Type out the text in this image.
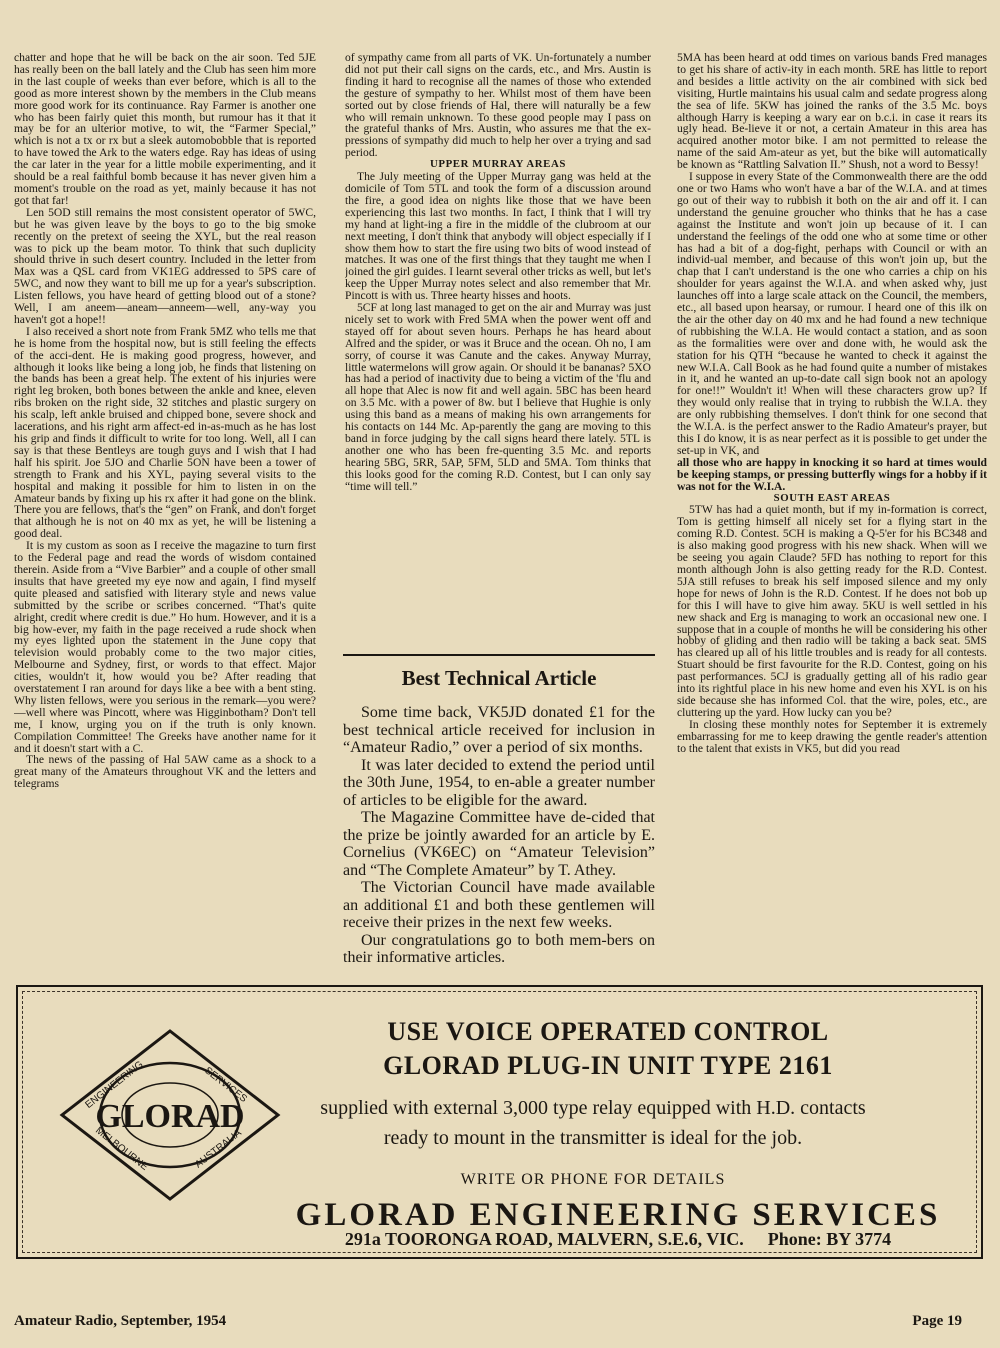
chatter and hope that he will be back on the air soon. Ted 5JE has really been on the ball lately and the Club has seen him more in the last couple of weeks than ever before, which is all to the good as more interest shown by the members in the Club means more good work for its continuance. Ray Farmer is another one who has been fairly quiet this month, but rumour has it that it may be for an ulterior motive, to wit, the “Farmer Special,” which is not a tx or rx but a sleek automobobble that is reported to have towed the Ark to the waters edge. Ray has ideas of using the car later in the year for a little mobile experimenting, and it should be a real faithful bomb because it has never given him a moment's trouble on the road as yet, mainly because it has not got that far!

Len 5OD still remains the most consistent operator of 5WC, but he was given leave by the boys to go to the big smoke recently on the pretext of seeing the XYL, but the real reason was to pick up the beam motor. To think that such duplicity should thrive in such desert country. Included in the letter from Max was a QSL card from VK1EG addressed to 5PS care of 5WC, and now they want to bill me up for a year's subscription. Listen fellows, you have heard of getting blood out of a stone? Well, I am aneem—aneam—anneem—well, any-way you haven't got a hope!!

I also received a short note from Frank 5MZ who tells me that he is home from the hospital now, but is still feeling the effects of the acci-dent. He is making good progress, however, and although it looks like being a long job, he finds that listening on the bands has been a great help. The extent of his injuries were right leg broken, both bones between the ankle and knee, eleven ribs broken on the right side, 32 stitches and plastic surgery on his scalp, left ankle bruised and chipped bone, severe shock and lacerations, and his right arm affect-ed in-as-much as he has lost his grip and finds it difficult to write for too long. Well, all I can say is that these Bentleys are tough guys and I wish that I had half his spirit. Joe 5JO and Charlie 5ON have been a tower of strength to Frank and his XYL, paying several visits to the hospital and making it possible for him to listen in on the Amateur bands by fixing up his rx after it had gone on the blink. There you are fellows, that's the “gen” on Frank, and don't forget that although he is not on 40 mx as yet, he will be listening a good deal.

It is my custom as soon as I receive the magazine to turn first to the Federal page and read the words of wisdom contained therein. Aside from a “Vive Barbier” and a couple of other small insults that have greeted my eye now and again, I find myself quite pleased and satisfied with literary style and news value submitted by the scribe or scribes concerned. “That's quite alright, credit where credit is due.” Ho hum. However, and it is a big how-ever, my faith in the page received a rude shock when my eyes lighted upon the statement in the June copy that television would probably come to the two major cities, Melbourne and Sydney, first, or words to that effect. Major cities, wouldn't it, how would you be? After reading that overstatement I ran around for days like a bee with a bent sting. Why listen fellows, were you serious in the remark—you were?—well where was Pincott, where was Higginbotham? Don't tell me, I know, urging you on if the truth is only known. Compilation Committee! The Greeks have another name for it and it doesn't start with a C.

The news of the passing of Hal 5AW came as a shock to a great many of the Amateurs throughout VK and the letters and telegrams

of sympathy came from all parts of VK. Un-fortunately a number did not put their call signs on the cards, etc., and Mrs. Austin is finding it hard to recognise all the names of those who extended the gesture of sympathy to her. Whilst most of them have been sorted out by close friends of Hal, there will naturally be a few who will remain unknown. To these good people may I pass on the grateful thanks of Mrs. Austin, who assures me that the ex-pressions of sympathy did much to help her over a trying and sad period.

UPPER MURRAY AREAS

The July meeting of the Upper Murray gang was held at the domicile of Tom 5TL and took the form of a discussion around the fire, a good idea on nights like those that we have been experiencing this last two months. In fact, I think that I will try my hand at light-ing a fire in the middle of the clubroom at our next meeting, I don't think that anybody will object especially if I show them how to start the fire using two bits of wood instead of matches. It was one of the first things that they taught me when I joined the girl guides. I learnt several other tricks as well, but let's keep the Upper Murray notes select and also remember that Mr. Pincott is with us. Three hearty hisses and hoots.

5CF at long last managed to get on the air and Murray was just nicely set to work with Fred 5MA when the power went off and stayed off for about seven hours. Perhaps he has heard about Alfred and the spider, or was it Bruce and the ocean. Oh no, I am sorry, of course it was Canute and the cakes. Anyway Murray, little watermelons will grow again. Or should it be bananas? 5XO has had a period of inactivity due to being a victim of the 'flu and all hope that Alec is now fit and well again. 5BC has been heard on 3.5 Mc. with a power of 8w. but I believe that Hughie is only using this band as a means of making his own arrangements for his contacts on 144 Mc. Ap-parently the gang are moving to this band in force judging by the call signs heard there lately. 5TL is another one who has been fre-quenting 3.5 Mc. and reports hearing 5BG, 5RR, 5AP, 5FM, 5LD and 5MA. Tom thinks that this looks good for the coming R.D. Contest, but I can only say “time will tell.”

Best Technical Article

Some time back, VK5JD donated £1 for the best technical article received for inclusion in “Amateur Radio,” over a period of six months.

It was later decided to extend the period until the 30th June, 1954, to en-able a greater number of articles to be eligible for the award.

The Magazine Committee have de-cided that the prize be jointly awarded for an article by E. Cornelius (VK6EC) on “Amateur Television” and “The Complete Amateur” by T. Athey.

The Victorian Council have made available an additional £1 and both these gentlemen will receive their prizes in the next few weeks.

Our congratulations go to both mem-bers on their informative articles.

5MA has been heard at odd times on various bands Fred manages to get his share of activ-ity in each month. 5RE has little to report and besides a little activity on the air combined with sick bed visiting, Hurtle maintains his usual calm and sedate progress along the sea of life. 5KW has joined the ranks of the 3.5 Mc. boys although Harry is keeping a wary ear on b.c.i. in case it rears its ugly head. Be-lieve it or not, a certain Amateur in this area has acquired another motor bike. I am not permitted to release the name of the said Am-ateur as yet, but the bike will automatically be known as “Rattling Salvation II.” Shush, not a word to Bessy!

I suppose in every State of the Commonwealth there are the odd one or two Hams who won't have a bar of the W.I.A. and at times go out of their way to rubbish it both on the air and off it. I can understand the genuine groucher who thinks that he has a case against the Institute and won't join up because of it. I can understand the feelings of the odd one who at some time or other has had a bit of a dog-fight, perhaps with Council or with an individ-ual member, and because of this won't join up, but the chap that I can't understand is the one who carries a chip on his shoulder for years against the W.I.A. and when asked why, just launches off into a large scale attack on the Council, the members, etc., all based upon hearsay, or rumour. I heard one of this ilk on the air the other day on 40 mx and he had found a new technique of rubbishing the W.I.A. He would contact a station, and as soon as the formalities were over and done with, he would ask the station for his QTH “because he wanted to check it against the new W.I.A. Call Book as he had found quite a number of mistakes in it, and he wanted an up-to-date call sign book not an apology for one!!” Wouldn't it! When will these characters grow up? If they would only realise that in trying to rubbish the W.I.A. they are only rubbishing themselves. I don't think for one second that the W.I.A. is the perfect answer to the Radio Amateur's prayer, but this I do know, it is as near perfect as it is possible to get under the set-up in VK, and

all those who are happy in knocking it so hard at times would be keeping stamps, or pressing butterfly wings for a hobby if it was not for the W.I.A.

SOUTH EAST AREAS

5TW has had a quiet month, but if my in-formation is correct, Tom is getting himself all nicely set for a flying start in the coming R.D. Contest. 5CH is making a Q-5'er for his BC348 and is also making good progress with his new shack. When will we be seeing you again Claude? 5FD has nothing to report for this month although John is also getting ready for the R.D. Contest. 5JA still refuses to break his self imposed silence and my only hope for news of John is the R.D. Contest. If he does not bob up for this I will have to give him away. 5KU is well settled in his new shack and Erg is managing to work an occasional new one. I suppose that in a couple of months he will be considering his other hobby of gliding and then radio will be taking a back seat. 5MS has cleared up all of his little troubles and is ready for all contests. Stuart should be first favourite for the R.D. Contest, going on his past performances. 5CJ is gradually getting all of his radio gear into its rightful place in his new home and even his XYL is on his side because she has informed Col. that the wire, poles, etc., are cluttering up the yard. How lucky can you be?

In closing these monthly notes for September it is extremely embarrassing for me to keep drawing the gentle reader's attention to the talent that exists in VK5, but did you read

GLORAD
ENGINEERING	SERVICES
MELBOURNE	AUSTRALIA
USE VOICE OPERATED CONTROL
GLORAD PLUG-IN UNIT TYPE 2161
supplied with external 3,000 type relay equipped with H.D. contacts
ready to mount in the transmitter is ideal for the job.
WRITE OR PHONE FOR DETAILS
GLORAD ENGINEERING SERVICES
291a TOORONGA ROAD, MALVERN, S.E.6, VIC. Phone: BY 3774
Amateur Radio, September, 1954	Page 19
